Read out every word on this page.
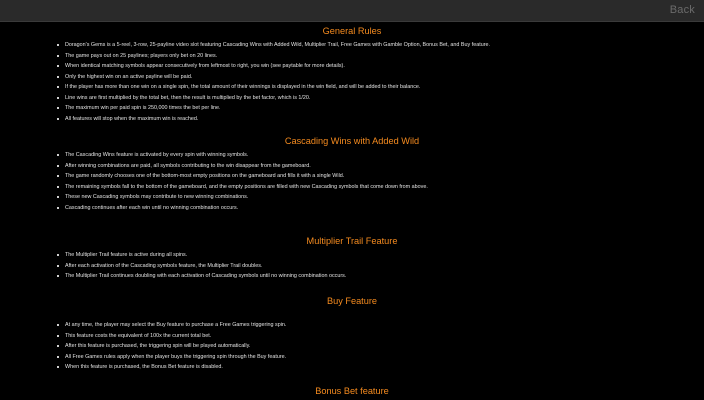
Back
General Rules
Doragon's Gems is a 5-reel, 3-row, 25-payline video slot featuring Cascading Wins with Added Wild, Multiplier Trail, Free Games with Gamble Option, Bonus Bet, and Buy feature.
The game pays out on 25 paylines; players only bet on 20 lines.
When identical matching symbols appear consecutively from leftmost to right, you win (see paytable for more details).
Only the highest win on an active payline will be paid.
If the player has more than one win on a single spin, the total amount of their winnings is displayed in the win field, and will be added to their balance.
Line wins are first multiplied by the total bet, then the result is multiplied by the bet factor, which is 1/20.
The maximum win per paid spin is 250,000 times the bet per line.
All features will stop when the maximum win is reached.
Cascading Wins with Added Wild
The Cascading Wins feature is activated by every spin with winning symbols.
After winning combinations are paid, all symbols contributing to the win disappear from the gameboard.
The game randomly chooses one of the bottom-most empty positions on the gameboard and fills it with a single Wild.
The remaining symbols fall to the bottom of the gameboard, and the empty positions are filled with new Cascading symbols that come down from above.
These new Cascading symbols may contribute to new winning combinations.
Cascading continues after each win until no winning combination occurs.
Multiplier Trail Feature
The Multiplier Trail feature is active during all spins.
After each activation of the Cascading symbols feature, the Multiplier Trail doubles.
The Multiplier Trail continues doubling with each activation of Cascading symbols until no winning combination occurs.
Buy Feature
At any time, the player may select the Buy feature to purchase a Free Games triggering spin.
This feature costs the equivalent of 100x the current total bet.
After this feature is purchased, the triggering spin will be played automatically.
All Free Games rules apply when the player buys the triggering spin through the Buy feature.
When this feature is purchased, the Bonus Bet feature is disabled.
Bonus Bet feature
